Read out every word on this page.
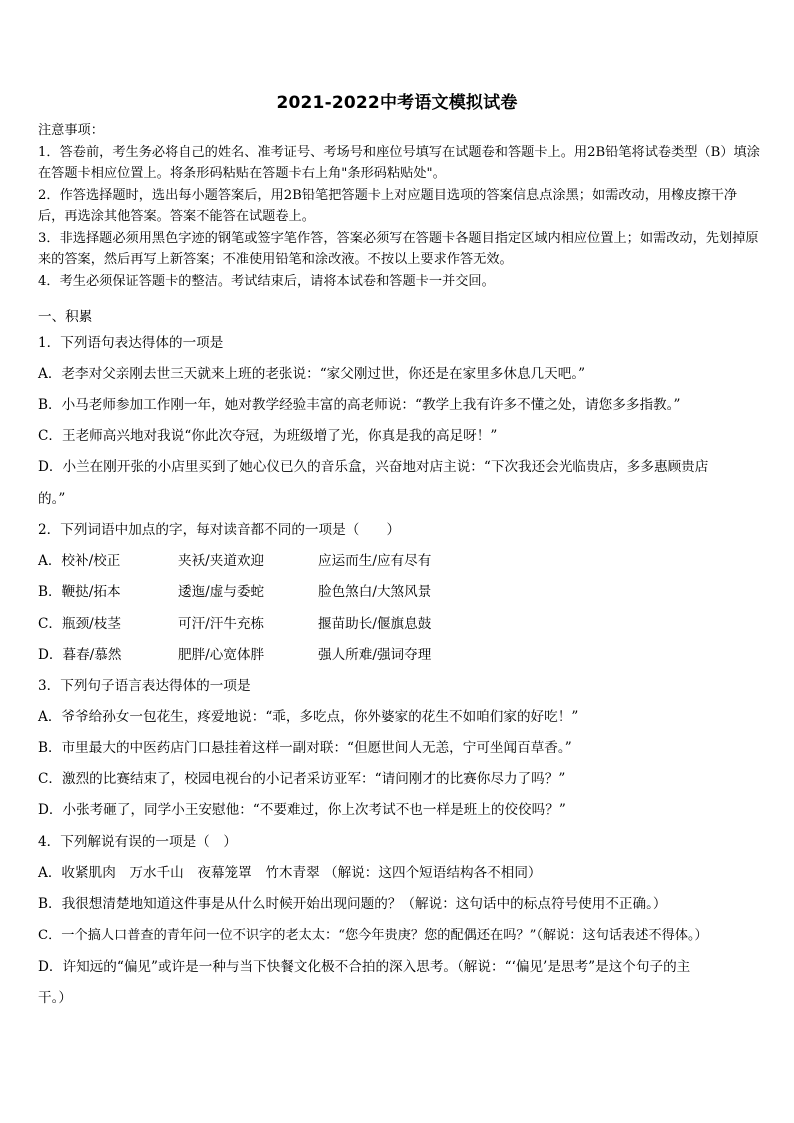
2021-2022中考语文模拟试卷

注意事项：

1．答卷前，考生务必将自己的姓名、准考证号、考场号和座位号填写在试题卷和答题卡上。用2B铅笔将试卷类型（B）填涂在答题卡相应位置上。将条形码粘贴在答题卡右上角"条形码粘贴处"。

2．作答选择题时，选出每小题答案后，用2B铅笔把答题卡上对应题目选项的答案信息点涂黑；如需改动，用橡皮擦干净后，再选涂其他答案。答案不能答在试题卷上。

3．非选择题必须用黑色字迹的钢笔或签字笔作答，答案必须写在答题卡各题目指定区域内相应位置上；如需改动，先划掉原来的答案，然后再写上新答案；不准使用铅笔和涂改液。不按以上要求作答无效。

4．考生必须保证答题卡的整洁。考试结束后，请将本试卷和答题卡一并交回。

一、积累
1．下列语句表达得体的一项是
A．老李对父亲刚去世三天就来上班的老张说：“家父刚过世，你还是在家里多休息几天吧。”
B．小马老师参加工作刚一年，她对教学经验丰富的高老师说：“教学上我有许多不懂之处，请您多多指教。”
C．王老师高兴地对我说“你此次夺冠，为班级增了光，你真是我的高足呀！”
D．小兰在刚开张的小店里买到了她心仪已久的音乐盒，兴奋地对店主说：“下次我还会光临贵店，多多惠顾贵店
的。”
2．下列词语中加点的字，每对读音都不同的一项是（　　）
A．校补/校正	夹袄/夹道欢迎	应运而生/应有尽有
B．鞭挞/拓本	逶迤/虚与委蛇	脸色煞白/大煞风景
C．瓶颈/枝茎	可汗/汗牛充栋	揠苗助长/偃旗息鼓
D．暮春/慕然	肥胖/心宽体胖	强人所难/强词夺理
3．下列句子语言表达得体的一项是
A．爷爷给孙女一包花生，疼爱地说：“乖，多吃点，你外婆家的花生不如咱们家的好吃！”
B．市里最大的中医药店门口悬挂着这样一副对联：“但愿世间人无恙，宁可坐闻百草香。”
C．激烈的比赛结束了，校园电视台的小记者采访亚军：“请问刚才的比赛你尽力了吗？”
D．小张考砸了，同学小王安慰他：“不要难过，你上次考试不也一样是班上的佼佼吗？”
4．下列解说有误的一项是（　）
A．收紧肌肉　万水千山　夜幕笼罩　竹木青翠 （解说：这四个短语结构各不相同）
B．我很想清楚地知道这件事是从什么时候开始出现问题的？（解说：这句话中的标点符号使用不正确。）
C．一个搞人口普查的青年问一位不识字的老太太：“您今年贵庚？您的配偶还在吗？”（解说：这句话表述不得体。）
D．许知远的“偏见”或许是一种与当下快餐文化极不合拍的深入思考。（解说：“‘偏见’是思考”是这个句子的主
干。）
